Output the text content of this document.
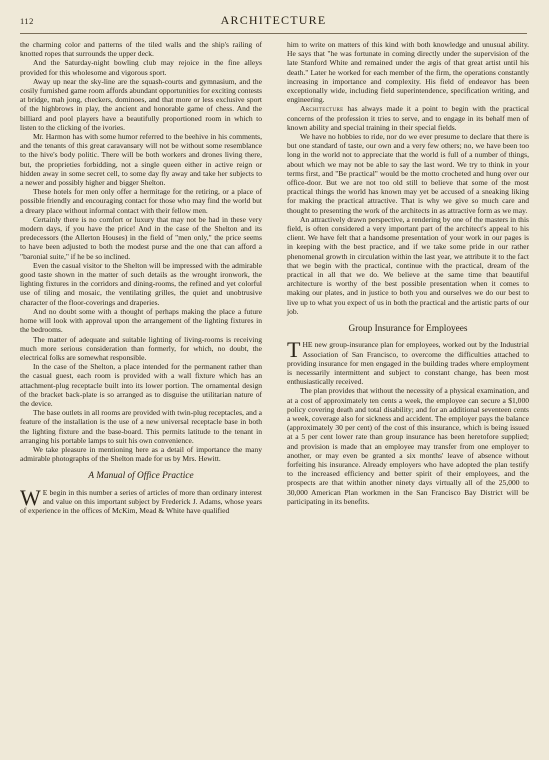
112	ARCHITECTURE

the charming color and patterns of the tiled walls and the ship's railing of knotted ropes that surrounds the upper deck.

And the Saturday-night bowling club may rejoice in the fine alleys provided for this wholesome and vigorous sport.

Away up near the sky-line are the squash-courts and gymnasium, and the cosily furnished game room affords abundant opportunities for exciting contests at bridge, mah jong, checkers, dominoes, and that more or less exclusive sport of the highbrows in play, the ancient and honorable game of chess. And the billiard and pool players have a beautifully proportioned room in which to listen to the clicking of the ivories.

Mr. Harmon has with some humor referred to the beehive in his comments, and the tenants of this great caravansary will not be without some resemblance to the hive's body politic. There will be both workers and drones living there, but, the proprieties forbidding, not a single queen either in active reign or hidden away in some secret cell, to some day fly away and take her subjects to a newer and possibly higher and bigger Shelton.

These hotels for men only offer a hermitage for the retiring, or a place of possible friendly and encouraging contact for those who may find the world but a dreary place without informal contact with their fellow men.

Certainly there is no comfort or luxury that may not be had in these very modern days, if you have the price! And in the case of the Shelton and its predecessors (the Allerton Houses) in the field of "men only," the price seems to have been adjusted to both the modest purse and the one that can afford a "baronial suite," if he be so inclined.

Even the casual visitor to the Shelton will be impressed with the admirable good taste shown in the matter of such details as the wrought ironwork, the lighting fixtures in the corridors and dining-rooms, the refined and yet colorful use of tiling and mosaic, the ventilating grilles, the quiet and unobtrusive character of the floor-coverings and draperies.

And no doubt some with a thought of perhaps making the place a future home will look with approval upon the arrangement of the lighting fixtures in the bedrooms.

The matter of adequate and suitable lighting of living-rooms is receiving much more serious consideration than formerly, for which, no doubt, the electrical folks are somewhat responsible.

In the case of the Shelton, a place intended for the permanent rather than the casual guest, each room is provided with a wall fixture which has an attachment-plug receptacle built into its lower portion. The ornamental design of the bracket back-plate is so arranged as to disguise the utilitarian nature of the device.

The base outlets in all rooms are provided with twin-plug receptacles, and a feature of the installation is the use of a new universal receptacle base in both the lighting fixture and the base-board. This permits latitude to the tenant in arranging his portable lamps to suit his own convenience.

We take pleasure in mentioning here as a detail of importance the many admirable photographs of the Shelton made for us by Mrs. Hewitt.

A Manual of Office Practice

W E begin in this number a series of articles of more than ordinary interest and value on this important subject by Frederick J. Adams, whose years of experience in the offices of McKim, Mead & White have qualified

him to write on matters of this kind with both knowledge and unusual ability. He says that "he was fortunate in coming directly under the supervision of the late Stanford White and remained under the ægis of that great artist until his death." Later he worked for each member of the firm, the operations constantly increasing in importance and complexity. His field of endeavor has been exceptionally wide, including field superintendence, specification writing, and engineering.

Architecture has always made it a point to begin with the practical concerns of the profession it tries to serve, and to engage in its behalf men of known ability and special training in their special fields.

We have no hobbies to ride, nor do we ever presume to declare that there is but one standard of taste, our own and a very few others; no, we have been too long in the world not to appreciate that the world is full of a number of things, about which we may not be able to say the last word. We try to think in your terms first, and "Be practical" would be the motto crocheted and hung over our office-door. But we are not too old still to believe that some of the most practical things the world has known may yet be accused of a sneaking liking for making the practical attractive. That is why we give so much care and thought to presenting the work of the architects in as attractive form as we may.

An attractively drawn perspective, a rendering by one of the masters in this field, is often considered a very important part of the architect's appeal to his client. We have felt that a handsome presentation of your work in our pages is in keeping with the best practice, and if we take some pride in our rather phenomenal growth in circulation within the last year, we attribute it to the fact that we begin with the practical, continue with the practical, dream of the practical in all that we do. We believe at the same time that beautiful architecture is worthy of the best possible presentation when it comes to making our plates, and in justice to both you and ourselves we do our best to live up to what you expect of us in both the practical and the artistic parts of our job.

Group Insurance for Employees

THE new group-insurance plan for employees, worked out by the Industrial Association of San Francisco, to overcome the difficulties attached to providing insurance for men engaged in the building trades where employment is necessarily intermittent and subject to constant change, has been most enthusiastically received.

The plan provides that without the necessity of a physical examination, and at a cost of approximately ten cents a week, the employee can secure a $1,000 policy covering death and total disability; and for an additional seventeen cents a week, coverage also for sickness and accident. The employer pays the balance (approximately 30 per cent) of the cost of this insurance, which is being issued at a 5 per cent lower rate than group insurance has been heretofore supplied; and provision is made that an employee may transfer from one employer to another, or may even be granted a six months' leave of absence without forfeiting his insurance. Already employers who have adopted the plan testify to the increased efficiency and better spirit of their employees, and the prospects are that within another ninety days virtually all of the 25,000 to 30,000 American Plan workmen in the San Francisco Bay District will be participating in its benefits.
